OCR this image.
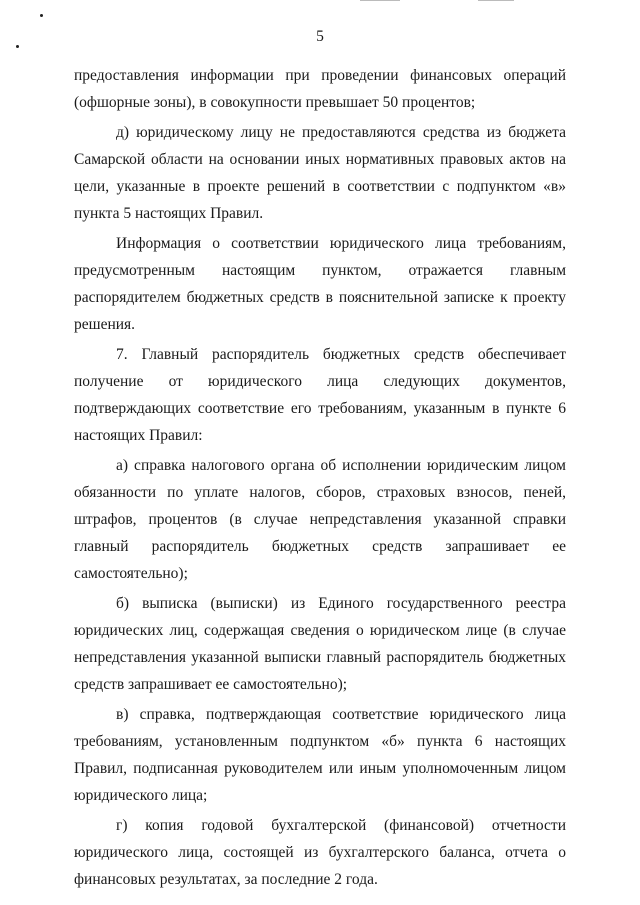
5

предоставления информации при проведении финансовых операций (офшорные зоны), в совокупности превышает 50 процентов;

д) юридическому лицу не предоставляются средства из бюджета Самарской области на основании иных нормативных правовых актов на цели, указанные в проекте решений в соответствии с подпунктом «в» пункта 5 настоящих Правил.

Информация о соответствии юридического лица требованиям, предусмотренным настоящим пунктом, отражается главным распорядителем бюджетных средств в пояснительной записке к проекту решения.

7. Главный распорядитель бюджетных средств обеспечивает получение от юридического лица следующих документов, подтверждающих соответствие его требованиям, указанным в пункте 6 настоящих Правил:

а) справка налогового органа об исполнении юридическим лицом обязанности по уплате налогов, сборов, страховых взносов, пеней, штрафов, процентов (в случае непредставления указанной справки главный распорядитель бюджетных средств запрашивает ее самостоятельно);

б) выписка (выписки) из Единого государственного реестра юридических лиц, содержащая сведения о юридическом лице (в случае непредставления указанной выписки главный распорядитель бюджетных средств запрашивает ее самостоятельно);

в) справка, подтверждающая соответствие юридического лица требованиям, установленным подпунктом «б» пункта 6 настоящих Правил, подписанная руководителем или иным уполномоченным лицом юридического лица;

г) копия годовой бухгалтерской (финансовой) отчетности юридического лица, состоящей из бухгалтерского баланса, отчета о финансовых результатах, за последние 2 года.
